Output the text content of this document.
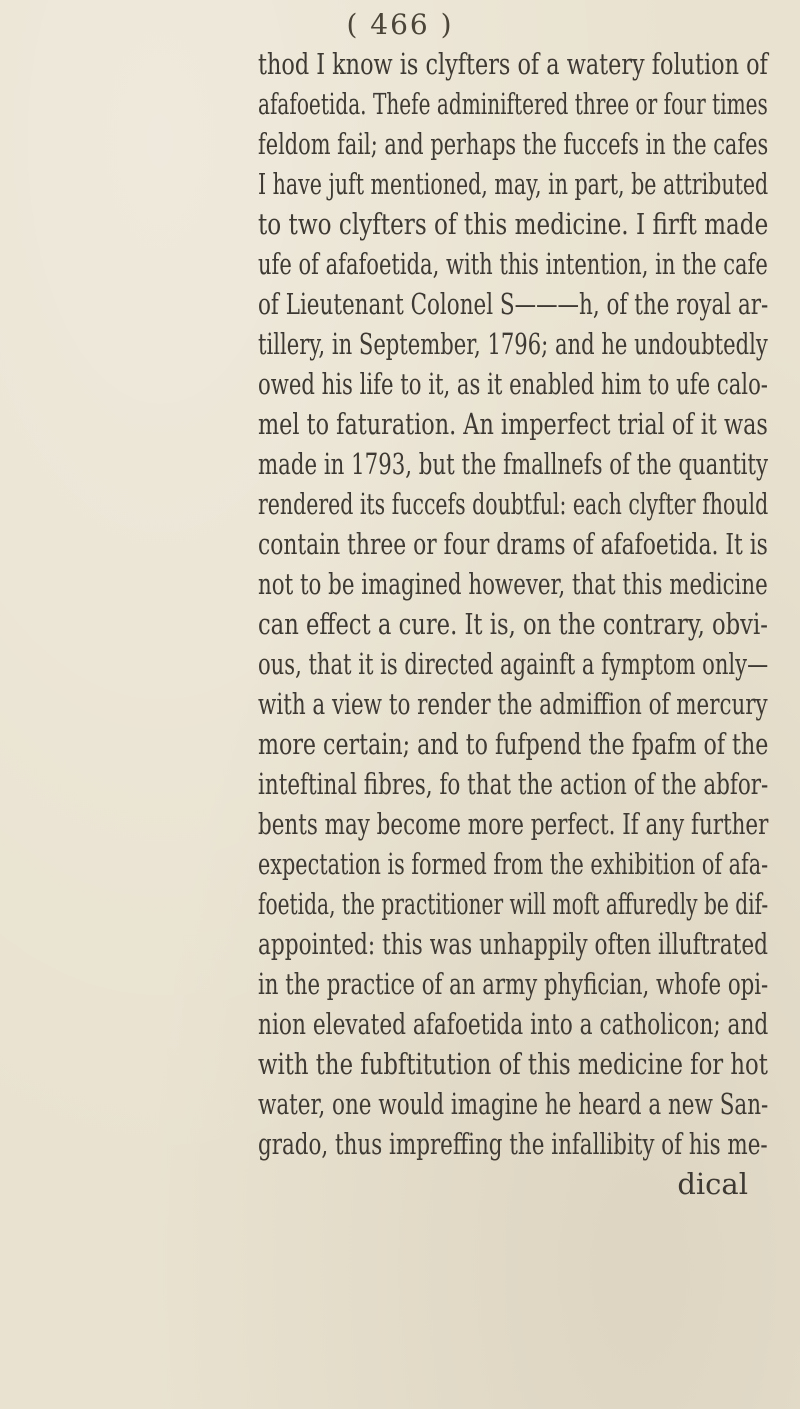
( 466 )
thod I know is clyfters of a watery folution of
afafoetida. Thefe adminiftered three or four times
feldom fail; and perhaps the fuccefs in the cafes
I have juft mentioned, may, in part, be attributed
to two clyfters of this medicine. I firft made
ufe of afafoetida, with this intention, in the cafe
of Lieutenant Colonel S———h, of the royal ar-
tillery, in September, 1796; and he undoubtedly
owed his life to it, as it enabled him to ufe calo-
mel to faturation. An imperfect trial of it was
made in 1793, but the fmallnefs of the quantity
rendered its fuccefs doubtful: each clyfter fhould
contain three or four drams of afafoetida. It is
not to be imagined however, that this medicine
can effect a cure. It is, on the contrary, obvi-
ous, that it is directed againft a fymptom only—
with a view to render the admiffion of mercury
more certain; and to fufpend the fpafm of the
inteftinal fibres, fo that the action of the abfor-
bents may become more perfect. If any further
expectation is formed from the exhibition of afa-
foetida, the practitioner will moft affuredly be dif-
appointed: this was unhappily often illuftrated
in the practice of an army phyfician, whofe opi-
nion elevated afafoetida into a catholicon; and
with the fubftitution of this medicine for hot
water, one would imagine he heard a new San-
grado, thus impreffing the infallibity of his me-
dical
